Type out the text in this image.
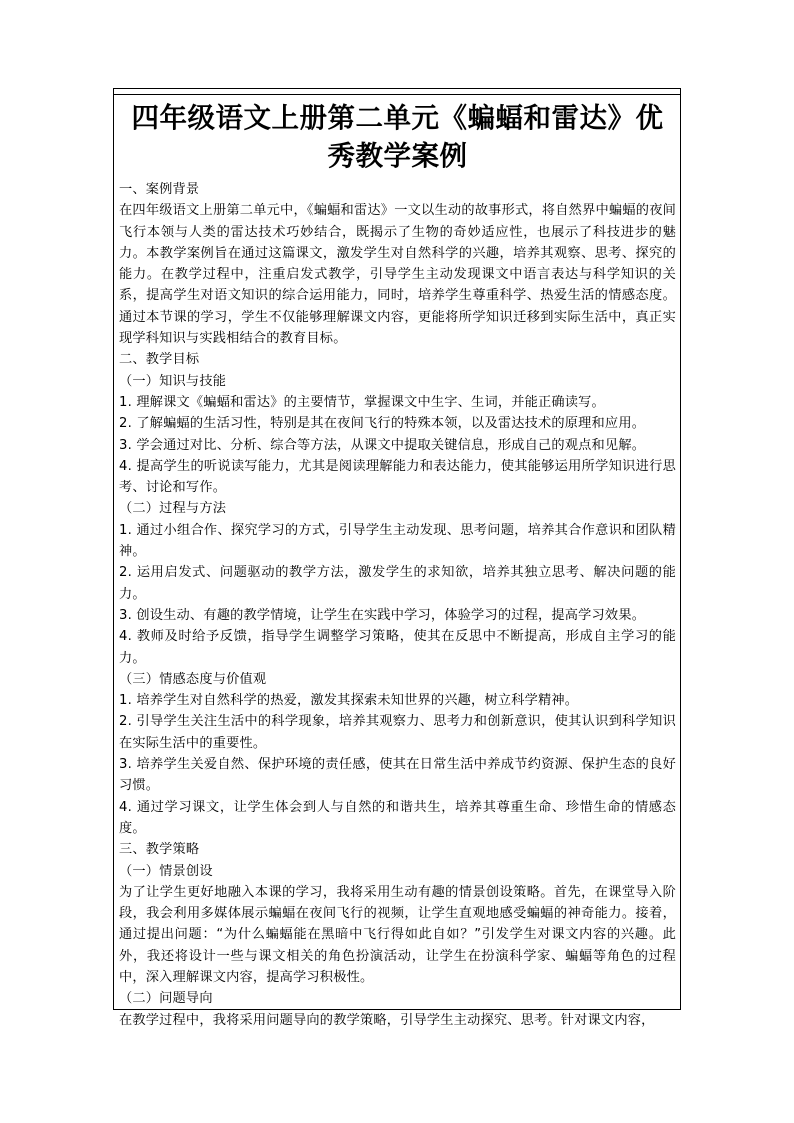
四年级语文上册第二单元《蝙蝠和雷达》优秀教学案例
一、案例背景
在四年级语文上册第二单元中，《蝙蝠和雷达》一文以生动的故事形式，将自然界中蝙蝠的夜间飞行本领与人类的雷达技术巧妙结合，既揭示了生物的奇妙适应性，也展示了科技进步的魅力。本教学案例旨在通过这篇课文，激发学生对自然科学的兴趣，培养其观察、思考、探究的能力。在教学过程中，注重启发式教学，引导学生主动发现课文中语言表达与科学知识的关系，提高学生对语文知识的综合运用能力，同时，培养学生尊重科学、热爱生活的情感态度。通过本节课的学习，学生不仅能够理解课文内容，更能将所学知识迁移到实际生活中，真正实现学科知识与实践相结合的教育目标。
二、教学目标
（一）知识与技能
1. 理解课文《蝙蝠和雷达》的主要情节，掌握课文中生字、生词，并能正确读写。
2. 了解蝙蝠的生活习性，特别是其在夜间飞行的特殊本领，以及雷达技术的原理和应用。
3. 学会通过对比、分析、综合等方法，从课文中提取关键信息，形成自己的观点和见解。
4. 提高学生的听说读写能力，尤其是阅读理解能力和表达能力，使其能够运用所学知识进行思考、讨论和写作。
（二）过程与方法
1. 通过小组合作、探究学习的方式，引导学生主动发现、思考问题，培养其合作意识和团队精神。
2. 运用启发式、问题驱动的教学方法，激发学生的求知欲，培养其独立思考、解决问题的能力。
3. 创设生动、有趣的教学情境，让学生在实践中学习，体验学习的过程，提高学习效果。
4. 教师及时给予反馈，指导学生调整学习策略，使其在反思中不断提高，形成自主学习的能力。
（三）情感态度与价值观
1. 培养学生对自然科学的热爱，激发其探索未知世界的兴趣，树立科学精神。
2. 引导学生关注生活中的科学现象，培养其观察力、思考力和创新意识，使其认识到科学知识在实际生活中的重要性。
3. 培养学生关爱自然、保护环境的责任感，使其在日常生活中养成节约资源、保护生态的良好习惯。
4. 通过学习课文，让学生体会到人与自然的和谐共生，培养其尊重生命、珍惜生命的情感态度。
三、教学策略
（一）情景创设
为了让学生更好地融入本课的学习，我将采用生动有趣的情景创设策略。首先，在课堂导入阶段，我会利用多媒体展示蝙蝠在夜间飞行的视频，让学生直观地感受蝙蝠的神奇能力。接着，通过提出问题：“为什么蝙蝠能在黑暗中飞行得如此自如？”引发学生对课文内容的兴趣。此外，我还将设计一些与课文相关的角色扮演活动，让学生在扮演科学家、蝙蝠等角色的过程中，深入理解课文内容，提高学习积极性。
（二）问题导向
在教学过程中，我将采用问题导向的教学策略，引导学生主动探究、思考。针对课文内容，
